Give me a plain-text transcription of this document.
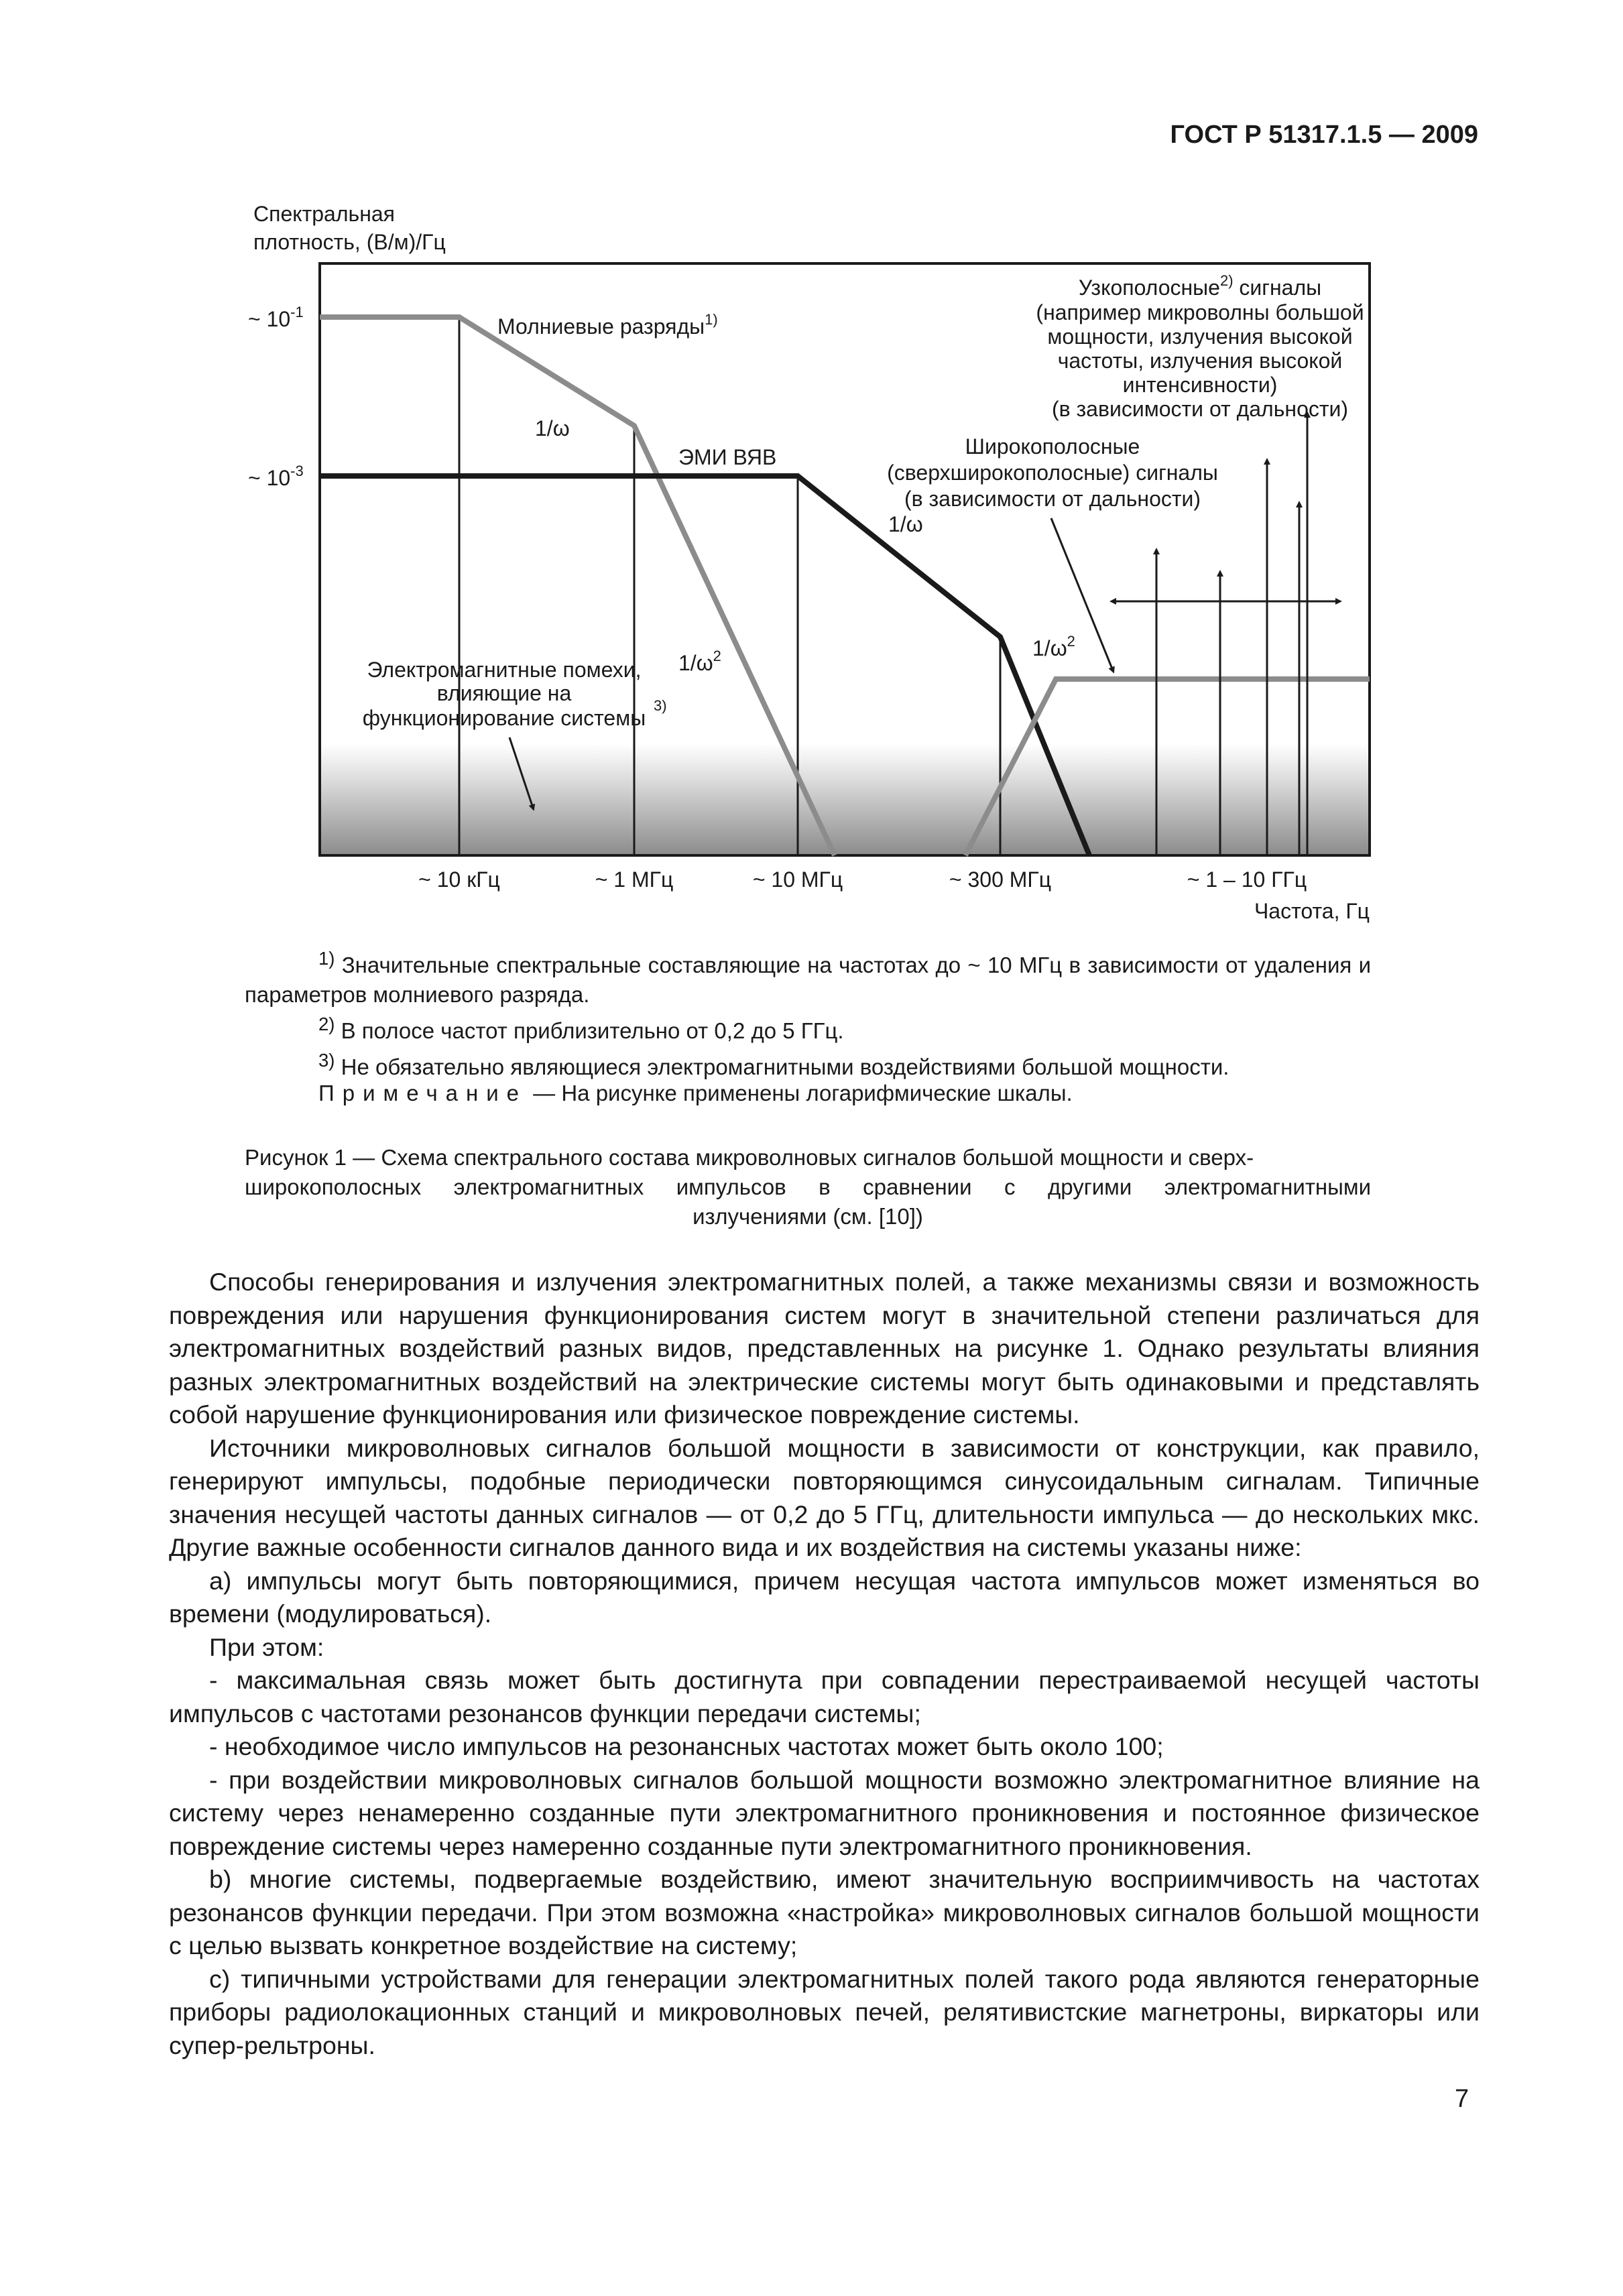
ГОСТ Р 51317.1.5 — 2009
Спектральная
плотность, (В/м)/Гц
~ $10^{-1}$
~ $10^{-3}$
~ 10 кГц	~ 1 МГц	~ 10 МГц	~ 300 МГц	~ 1 – 10 ГГц
Частота, Гц
Молниевые разряды$^{1)}$
1/ω
ЭМИ ВЯВ
1/ω
$1/\omega^2$	$1/\omega^2$
Узкополосные$^{2)}$ сигналы
(например микроволны большой
мощности, излучения высокой
частоты, излучения высокой
интенсивности)
(в зависимости от дальности)
Широкополосные
(сверхширокополосные) сигналы
(в зависимости от дальности)
Электромагнитные помехи,
влияющие на
функционирование системы
3)

$^{1)}$ Значительные спектральные составляющие на частотах до ~ 10 МГц в зависимости от удаления и параметров молниевого разряда.

$^{2)}$ В полосе частот приблизительно от 0,2 до 5 ГГц.

$^{3)}$ Не обязательно являющиеся электромагнитными воздействиями большой мощности.

Примечание — На рисунке применены логарифмические шкалы.

Рисунок 1 — Схема спектрального состава микроволновых сигналов большой мощности и сверх-

широкополосных электромагнитных импульсов в сравнении с другими электромагнитными

излучениями (см. [10])

Способы генерирования и излучения электромагнитных полей, а также механизмы связи и возможность повреждения или нарушения функционирования систем могут в значительной степени различаться для электромагнитных воздействий разных видов, представленных на рисунке 1. Однако результаты влияния разных электромагнитных воздействий на электрические системы могут быть одинаковыми и представлять собой нарушение функционирования или физическое повреждение системы.

Источники микроволновых сигналов большой мощности в зависимости от конструкции, как правило, генерируют импульсы, подобные периодически повторяющимся синусоидальным сигналам. Типичные значения несущей частоты данных сигналов — от 0,2 до 5 ГГц, длительности импульса — до нескольких мкс. Другие важные особенности сигналов данного вида и их воздействия на системы указаны ниже:

a) импульсы могут быть повторяющимися, причем несущая частота импульсов может изменяться во времени (модулироваться).

При этом:

- максимальная связь может быть достигнута при совпадении перестраиваемой несущей частоты импульсов с частотами резонансов функции передачи системы;

- необходимое число импульсов на резонансных частотах может быть около 100;

- при воздействии микроволновых сигналов большой мощности возможно электромагнитное влияние на систему через ненамеренно созданные пути электромагнитного проникновения и постоянное физическое повреждение системы через намеренно созданные пути электромагнитного проникновения.

b) многие системы, подвергаемые воздействию, имеют значительную восприимчивость на частотах резонансов функции передачи. При этом возможна «настройка» микроволновых сигналов большой мощности с целью вызвать конкретное воздействие на систему;

c) типичными устройствами для генерации электромагнитных полей такого рода являются генераторные приборы радиолокационных станций и микроволновых печей, релятивистские магнетроны, виркаторы или супер-рельтроны.

7
